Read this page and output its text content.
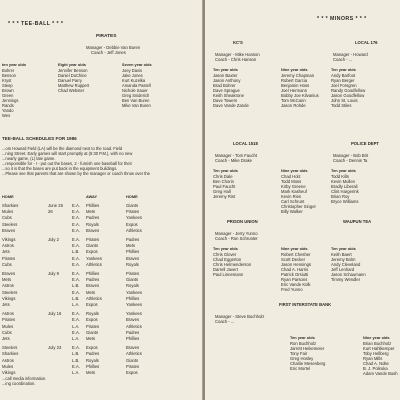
* * * TEE-BALL * * *
PIRATES
Manager - Debbie Van Buren
Coach - Jeff Jones
ten year olds
Bohrer
Benson
Kryst
Steep
Brown
Green
Jennings
Rands
Yando
Wes
Eight year olds
Jennifer Benson
Daniel DuChine
Danuel Parry
Matthew Ruppert
Chad Webster
Seven year olds
Joey Davis
Jake Jones
Kurt Kuzelka
Amanda Pastell
Nichole Sauer
Greg Sniderich
Ben Van Buren
Mike Van Buren
TEE-BALL SCHEDULES FOR 1986
...om Howard Field (LA) will be the diamond next to the road. Field
...ning Street. Early games will start promptly at (5:30 P.M.), with no new
...nearly game, (L) late game.
...responsible for - I - put out the bases, 2 - furnish one baseball for their
...so it is that the bases are put back in the equipment buildings.
...Please see that parents that are shown by the manager or coach throw over the
HOME	AWAY	HOME
...call media information.
...ing coordination.
Sharkies	June 26 E.A. Phillies	Giants
Mules	26	E.A. Mets	Pirates
Cubs	E.A. Padres	Yankees
Steelers	E.A. Royals	Expos
Braves	E.A. Braves	Athletics
Vikings	July 2	E.A. Pirates	Padres
Astros	E.A. Giants	Mets
Jets	L.B. Expos	Phillies
Pirates	E.A. Yankees	Braves
Cubs	E.A. Athletics	Royals
Braves	July 9	E.A. Phillies	Pirates
Mets	E.A. Padres	Giants
Astros	L.B. Braves	Royals
Steelers	E.A. Mets	Yankees
Vikings	L.B. Athletics	Phillies
Jets	L.A. Expos	Yankees
Astros	July 16	E.A. Royals	Yankees
Pirates	E.A. Expos	Braves
Mules	L.A. Pirates	Athletics
Cubs	E.A. Giants	Padres
Jets	L.A. Mets	Phillies
Steelers	July 23	E.A. Expos	Braves
Sharkies	L.B. Padres	Athletics
Astros	L.B. Royals	Giants
Mules	E.A. Phillies	Pirates
Vikings	L.A. Mets	Expos
* * * MINORS * * *
KC'S
Manager - Mike Hanson
Coach - Chris Hanson
Ten year olds
Jason Baxter
Jason Anthony
Brad Bohrer
Dave Sprague
Keith Sheakrone
Dave Towers
Dave Vande Zande
Nine year olds
Jeremy Chapman
Robert Garcia
Benjamin Hoss
Joel Hermann
Bobby Joe Kilvanius
Tom McCann
Jason Rohde
LOCAL 176
Manager - Howard
Coach - ...
Ten year olds
Andy Barfoot
Ryan Berger
Joel Forsgren
Randy Goodfellow
Jason Goodfellow
John St. Louis
Todd Stiles
LOCAL 1518
Manager - Tom Faucht
Coach - Mike Drake
Ten year olds
Chris Dale
Ben Chorin
Paul Faucht
Greg Hall
Jeremy Rist
Nine year olds
Chad Holz
Todd Moss
Kirby Greene
Mark Kasheuf
Kevin Ries
Carl Schrunt
Christopher Singer
Billy Walker
POLICE DEPT
Manager - Bob Brit
Coach - Dennis Ta
Ten year olds
Todd Kills
Kevin Mullen
Bradly Liberali
Clint Hargerink
Brian Roy
Bryce Williams
PRISON UNION
Manager - Jerry Yunno
Coach - Ron Schrunter
Ten year olds
Chris Glover
Chad Eggerton
Chris Helmenderson
Darrell Javert
Paul Linnemann
Nine year olds
Robert Chesher
Scott Decker
Jason Hennings
Chad A. Harris
Patrick Orsiutti
Ryan Parsons
Eric Vande Kolk
Fred Yunno
WAUPUN TEA
Ten year olds
Keith Baert
Jeremy Bolm
Andy Cleveland
Jeff Lenhard
Jason Schaumann
Timmy Wendler
FIRST INTERSTATE BANK
Manager - Steve Buchholz
Coach - ...
Ten year olds
Ron Buchholz
Jarrett Heikemeier
Tony Fair
Greg Hosley
Charlie Mesenberg
Eric Mortel
Nine year olds
Brian Buchholz
Kurt Hahlkemper
Toby Hellberg
Ryan Mills
Chad A. Nolte
B. J. Poliruka
Adam Vande Bush
